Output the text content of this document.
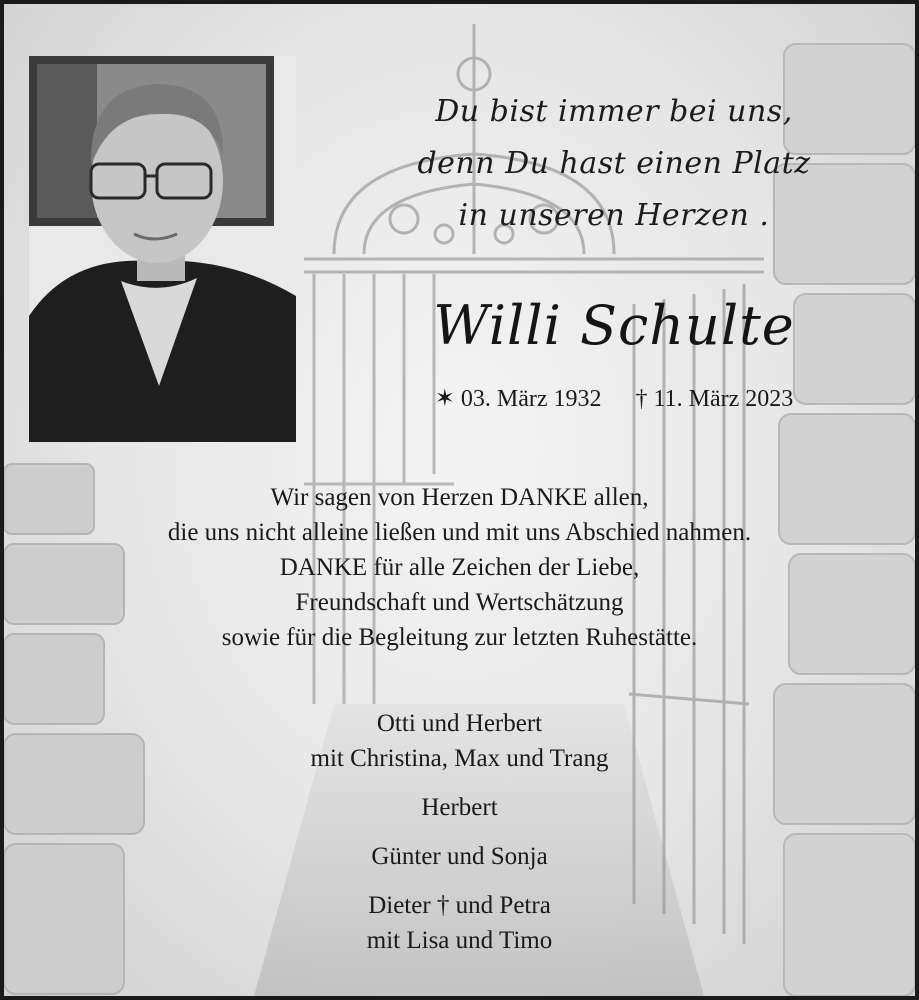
Du bist immer bei uns,
denn Du hast einen Platz
in unseren Herzen .
Willi Schulte
✶ 03. März 1932 † 11. März 2023
Wir sagen von Herzen DANKE allen,
die uns nicht alleine ließen und mit uns Abschied nahmen.
DANKE für alle Zeichen der Liebe,
Freundschaft und Wertschätzung
sowie für die Begleitung zur letzten Ruhestätte.
Otti und Herbert
mit Christina, Max und Trang
Herbert
Günter und Sonja
Dieter † und Petra
mit Lisa und Timo
